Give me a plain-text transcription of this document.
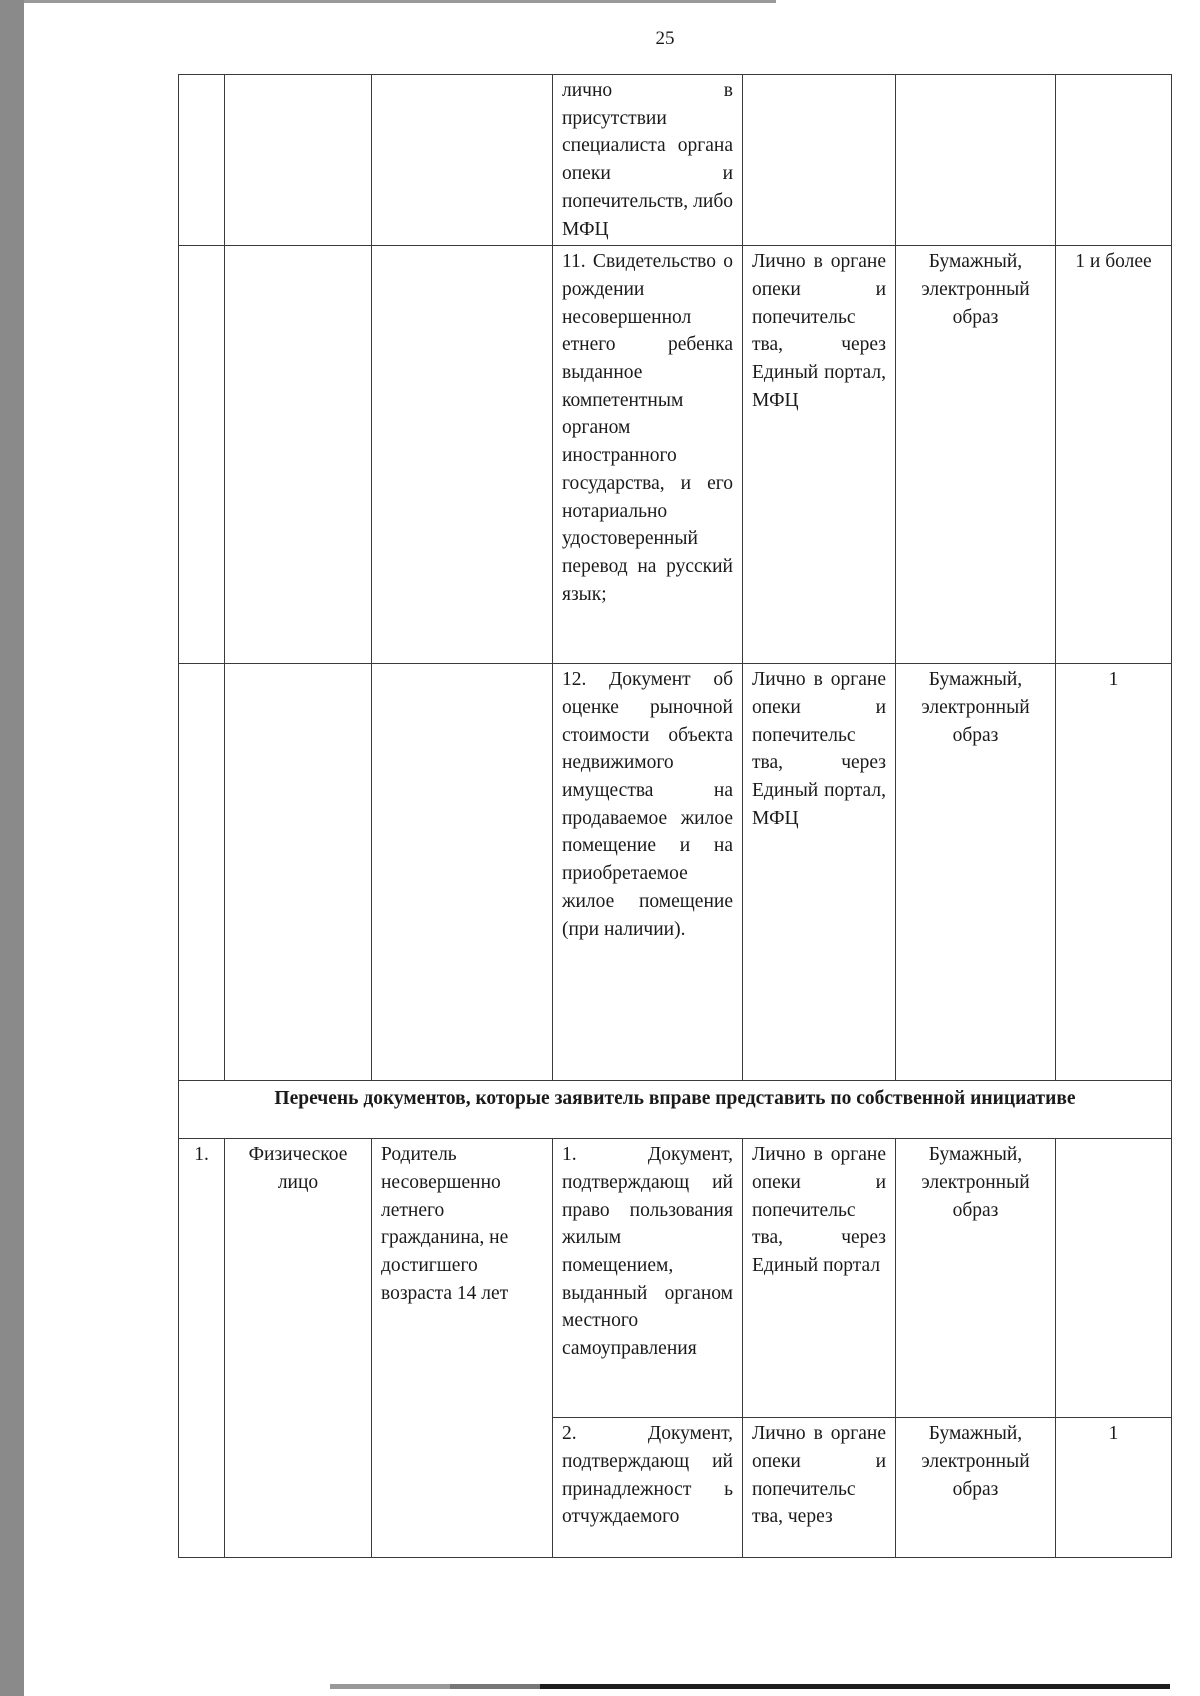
25
			лично в присутствии специалиста органа опеки и попечительств, либо МФЦ			
			11. Свидетельство о рождении несовершеннол етнего ребенка выданное компетентным органом иностранного государства, и его нотариально удостоверенный перевод на русский язык;	Лично в органе опеки и попечительс тва, через Единый портал, МФЦ	Бумажный, электронный образ	1 и более
			12. Документ об оценке рыночной стоимости объекта недвижимого имущества на продаваемое жилое помещение и на приобретаемое жилое помещение (при наличии).	Лично в органе опеки и попечительс тва, через Единый портал, МФЦ	Бумажный, электронный образ	1
Перечень документов, которые заявитель вправе представить по собственной инициативе						
1.	Физическое лицо	Родитель несовершенно летнего гражданина, не достигшего возраста 14 лет	1. Документ, подтверждающ ий право пользования жилым помещением, выданный органом местного самоуправления	Лично в органе опеки и попечительс тва, через Единый портал	Бумажный, электронный образ	
			2. Документ, подтверждающ ий принадлежност ь отчуждаемого	Лично в органе опеки и попечительс тва, через	Бумажный, электронный образ	1
